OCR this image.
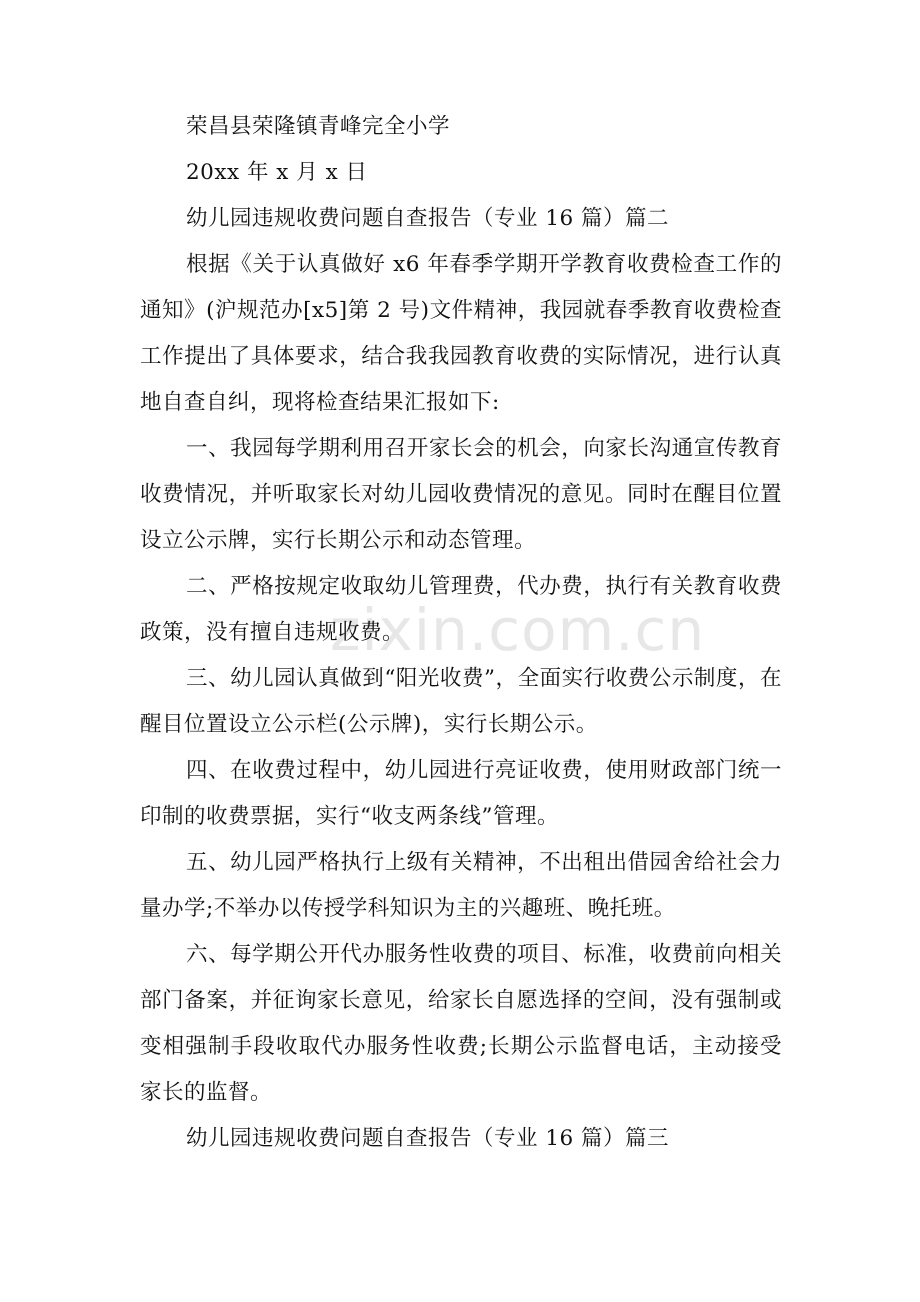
zixin.com.cn

荣昌县荣隆镇青峰完全小学

20xx 年 x 月 x 日

幼儿园违规收费问题自查报告（专业 16 篇）篇二

根据《关于认真做好 x6 年春季学期开学教育收费检查工作的通知》(沪规范办[x5]第 2 号)文件精神，我园就春季教育收费检查工作提出了具体要求，结合我我园教育收费的实际情况，进行认真地自查自纠，现将检查结果汇报如下:

一、我园每学期利用召开家长会的机会，向家长沟通宣传教育收费情况，并听取家长对幼儿园收费情况的意见。同时在醒目位置设立公示牌，实行长期公示和动态管理。

二、严格按规定收取幼儿管理费，代办费，执行有关教育收费政策，没有擅自违规收费。

三、幼儿园认真做到“阳光收费”，全面实行收费公示制度，在醒目位置设立公示栏(公示牌)，实行长期公示。

四、在收费过程中，幼儿园进行亮证收费，使用财政部门统一印制的收费票据，实行“收支两条线”管理。

五、幼儿园严格执行上级有关精神，不出租出借园舍给社会力量办学;不举办以传授学科知识为主的兴趣班、晚托班。

六、每学期公开代办服务性收费的项目、标准，收费前向相关部门备案，并征询家长意见，给家长自愿选择的空间，没有强制或变相强制手段收取代办服务性收费;长期公示监督电话，主动接受家长的监督。

幼儿园违规收费问题自查报告（专业 16 篇）篇三
